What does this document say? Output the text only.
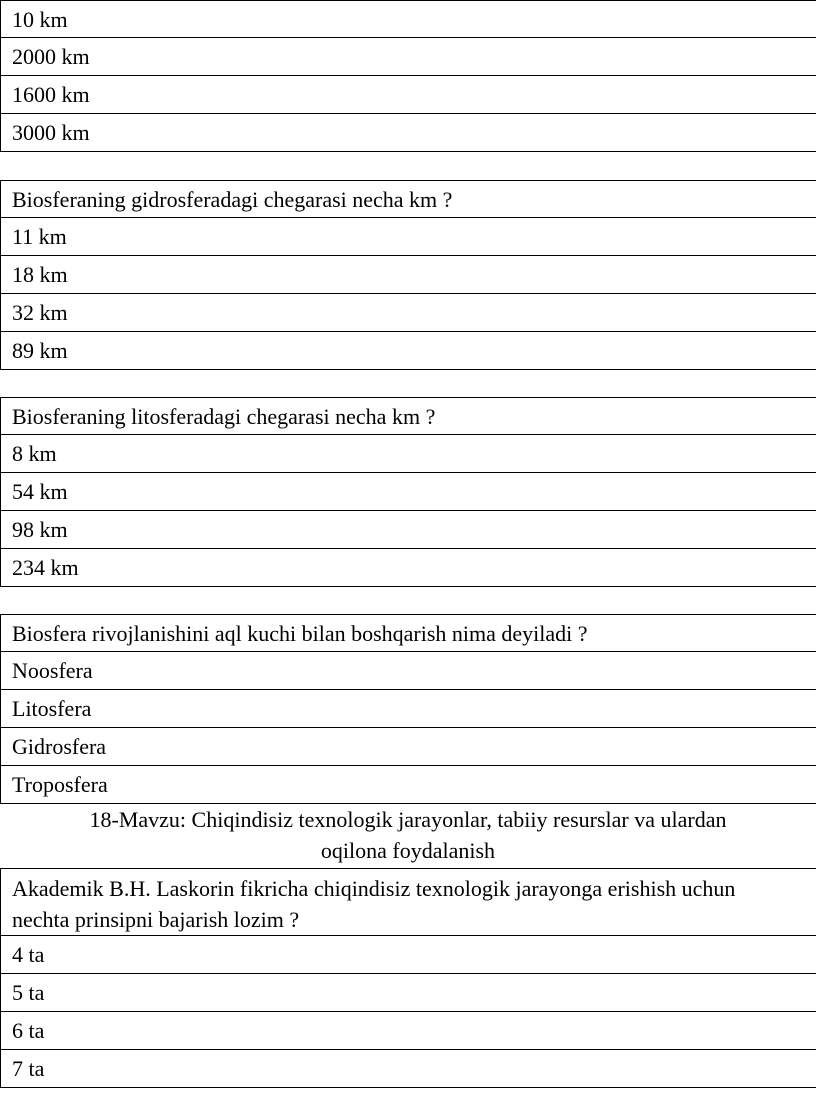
10 km
2000 km
1600 km
3000 km
Biosferaning gidrosferadagi chegarasi necha km ?
11 km
18 km
32 km
89 km
Biosferaning litosferadagi chegarasi necha km ?
8 km
54 km
98 km
234 km
Biosfera rivojlanishini aql kuchi bilan boshqarish nima deyiladi ?
Noosfera
Litosfera
Gidrosfera
Troposfera
18-Mavzu: Chiqindisiz texnologik jarayonlar, tabiiy resurslar va ulardan
oqilona foydalanish
Akademik B.H. Laskorin fikricha chiqindisiz texnologik jarayonga erishish uchun
nechta prinsipni bajarish lozim ?
4 ta
5 ta
6 ta
7 ta
